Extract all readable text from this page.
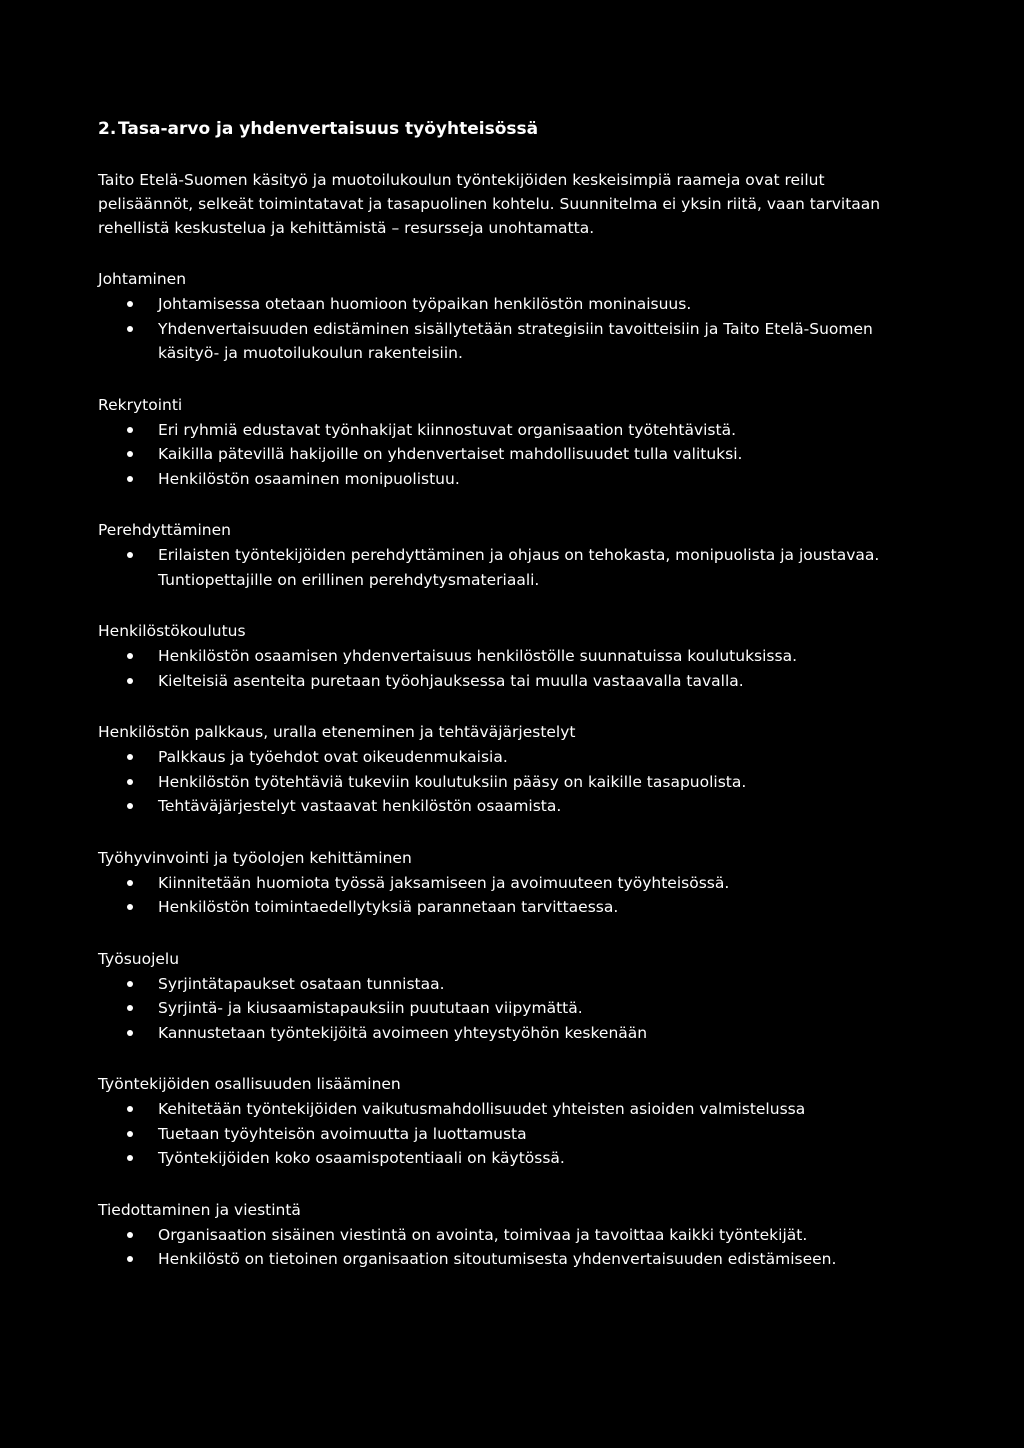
2. Tasa-arvo ja yhdenvertaisuus työyhteisössä

Taito Etelä-Suomen käsityö ja muotoilukoulun työntekijöiden keskeisimpiä raameja ovat reilut pelisäännöt, selkeät toimintatavat ja tasapuolinen kohtelu. Suunnitelma ei yksin riitä, vaan tarvitaan rehellistä keskustelua ja kehittämistä – resursseja unohtamatta.

Johtaminen
Johtamisessa otetaan huomioon työpaikan henkilöstön moninaisuus.
Yhdenvertaisuuden edistäminen sisällytetään strategisiin tavoitteisiin ja Taito Etelä-Suomen käsityö- ja muotoilukoulun rakenteisiin.
Rekrytointi
Eri ryhmiä edustavat työnhakijat kiinnostuvat organisaation työtehtävistä.
Kaikilla pätevillä hakijoille on yhdenvertaiset mahdollisuudet tulla valituksi.
Henkilöstön osaaminen monipuolistuu.
Perehdyttäminen
Erilaisten työntekijöiden perehdyttäminen ja ohjaus on tehokasta, monipuolista ja joustavaa. Tuntiopettajille on erillinen perehdytysmateriaali.
Henkilöstökoulutus
Henkilöstön osaamisen yhdenvertaisuus henkilöstölle suunnatuissa koulutuksissa.
Kielteisiä asenteita puretaan työohjauksessa tai muulla vastaavalla tavalla.
Henkilöstön palkkaus, uralla eteneminen ja tehtäväjärjestelyt
Palkkaus ja työehdot ovat oikeudenmukaisia.
Henkilöstön työtehtäviä tukeviin koulutuksiin pääsy on kaikille tasapuolista.
Tehtäväjärjestelyt vastaavat henkilöstön osaamista.
Työhyvinvointi ja työolojen kehittäminen
Kiinnitetään huomiota työssä jaksamiseen ja avoimuuteen työyhteisössä.
Henkilöstön toimintaedellytyksiä parannetaan tarvittaessa.
Työsuojelu
Syrjintätapaukset osataan tunnistaa.
Syrjintä- ja kiusaamistapauksiin puututaan viipymättä.
Kannustetaan työntekijöitä avoimeen yhteystyöhön keskenään
Työntekijöiden osallisuuden lisääminen
Kehitetään työntekijöiden vaikutusmahdollisuudet yhteisten asioiden valmistelussa
Tuetaan työyhteisön avoimuutta ja luottamusta
Työntekijöiden koko osaamispotentiaali on käytössä.
Tiedottaminen ja viestintä
Organisaation sisäinen viestintä on avointa, toimivaa ja tavoittaa kaikki työntekijät.
Henkilöstö on tietoinen organisaation sitoutumisesta yhdenvertaisuuden edistämiseen.
